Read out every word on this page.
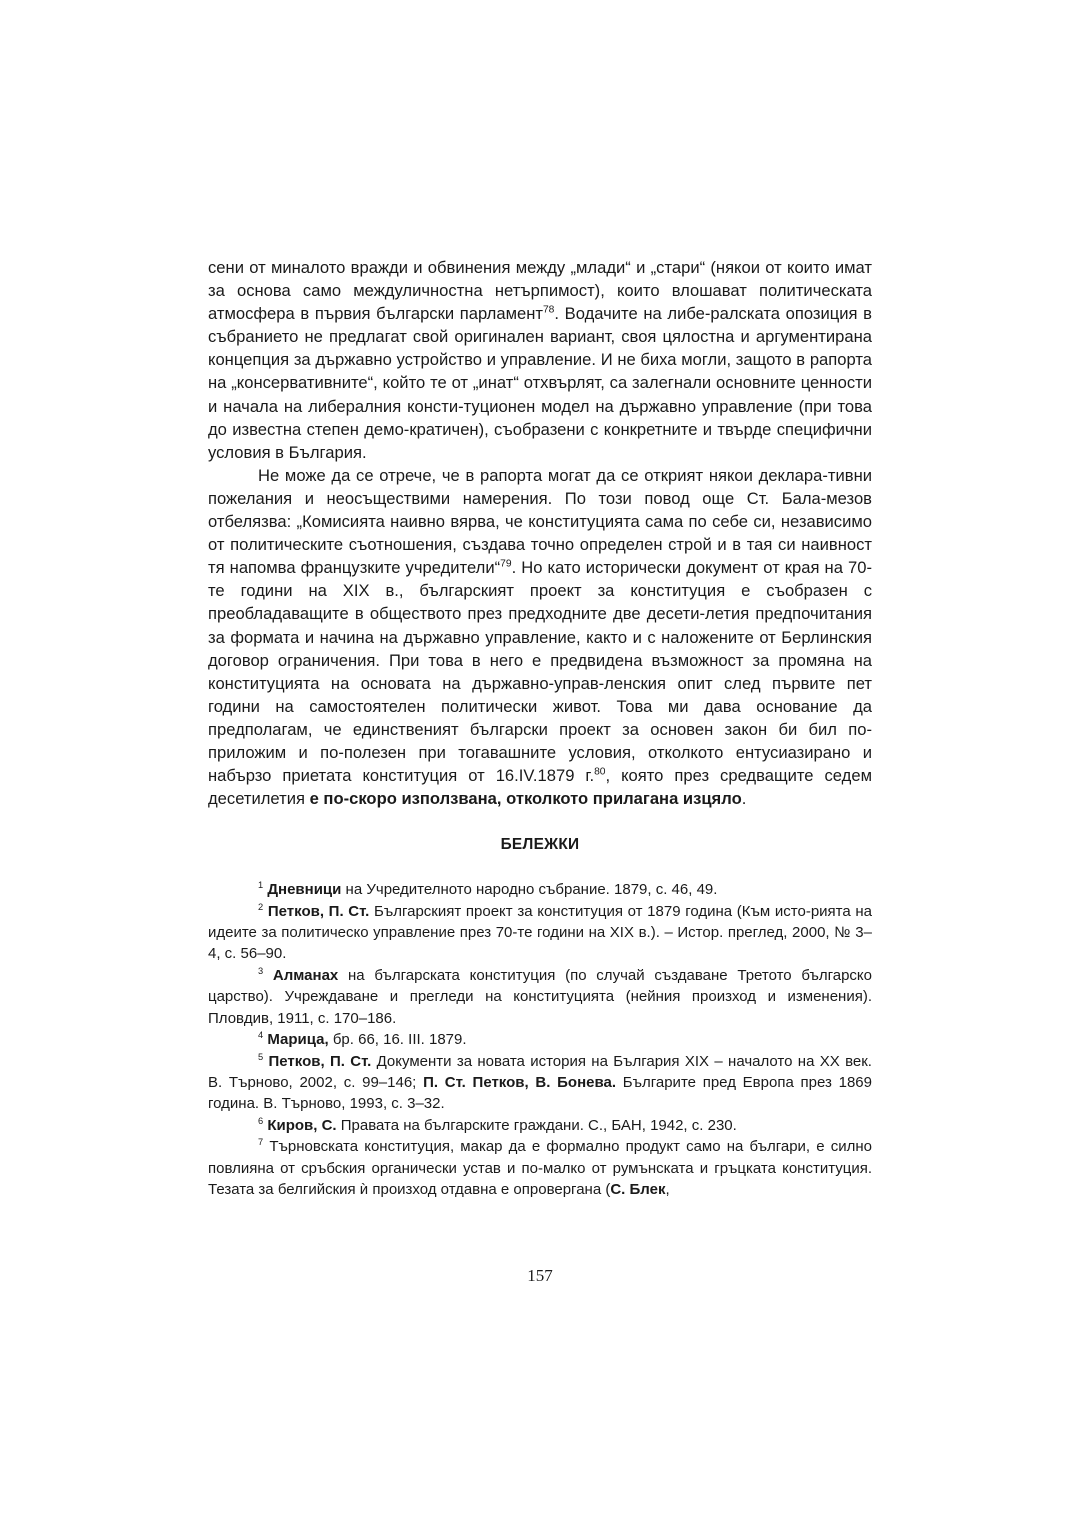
сени от миналото вражди и обвинения между „млади“ и „стари“ (някои от които имат за основа само междуличностна нетърпимост), които влошават политическата атмосфера в първия български парламент$^{78}$. Водачите на либе-ралската опозиция в събранието не предлагат свой оригинален вариант, своя цялостна и аргументирана концепция за държавно устройство и управление. И не биха могли, защото в рапорта на „консервативните“, който те от „инат“ отхвърлят, са залегнали основните ценности и начала на либералния консти-туционен модел на държавно управление (при това до известна степен демо-кратичен), съобразени с конкретните и твърде специфични условия в България.

Не може да се отрече, че в рапорта могат да се открият някои деклара-тивни пожелания и неосъществими намерения. По този повод още Ст. Бала-мезов отбелязва: „Комисията наивно вярва, че конституцията сама по себе си, независимо от политическите съотношения, създава точно определен строй и в тая си наивност тя напомва французките учредители“$^{79}$. Но като исторически документ от края на 70-те години на XIX в., българският проект за конституция е съобразен с преобладаващите в обществото през предходните две десети-летия предпочитания за формата и начина на държавно управление, както и с наложените от Берлинския договор ограничения. При това в него е предвидена възможност за промяна на конституцията на основата на държавно-управ-ленския опит след първите пет години на самостоятелен политически живот. Това ми дава основание да предполагам, че единственият български проект за основен закон би бил по-приложим и по-полезен при тогавашните условия, отколкото ентусиазирано и набързо приетата конституция от 16.IV.1879 г.$^{80}$, която през средващите седем десетилетия е по-скоро използвана, отколкото прилагана изцяло.

БЕЛЕЖКИ

$^1$ Дневници на Учредителното народно събрание. 1879, с. 46, 49.

$^2$ Петков, П. Ст. Българският проект за конституция от 1879 година (Към исто-рията на идеите за политическо управление през 70-те години на XIX в.). – Истор. преглед, 2000, № 3–4, с. 56–90.

$^3$ Алманах на българската конституция (по случай създаване Третото българско царство). Учреждаване и прегледи на конституцията (нейния произход и изменения). Пловдив, 1911, с. 170–186.

$^4$ Марица, бр. 66, 16. III. 1879.

$^5$ Петков, П. Ст. Документи за новата история на България XIX – началото на XX век. В. Търново, 2002, с. 99–146; П. Ст. Петков, В. Бонева. Българите пред Европа през 1869 година. В. Търново, 1993, с. 3–32.

$^6$ Киров, С. Правата на българските граждани. С., БАН, 1942, с. 230.

$^7$ Търновската конституция, макар да е формално продукт само на българи, е силно повлияна от сръбския органически устав и по-малко от румънската и гръцката конституция. Тезата за белгийския ѝ произход отдавна е опровергана (С. Блек,

157
